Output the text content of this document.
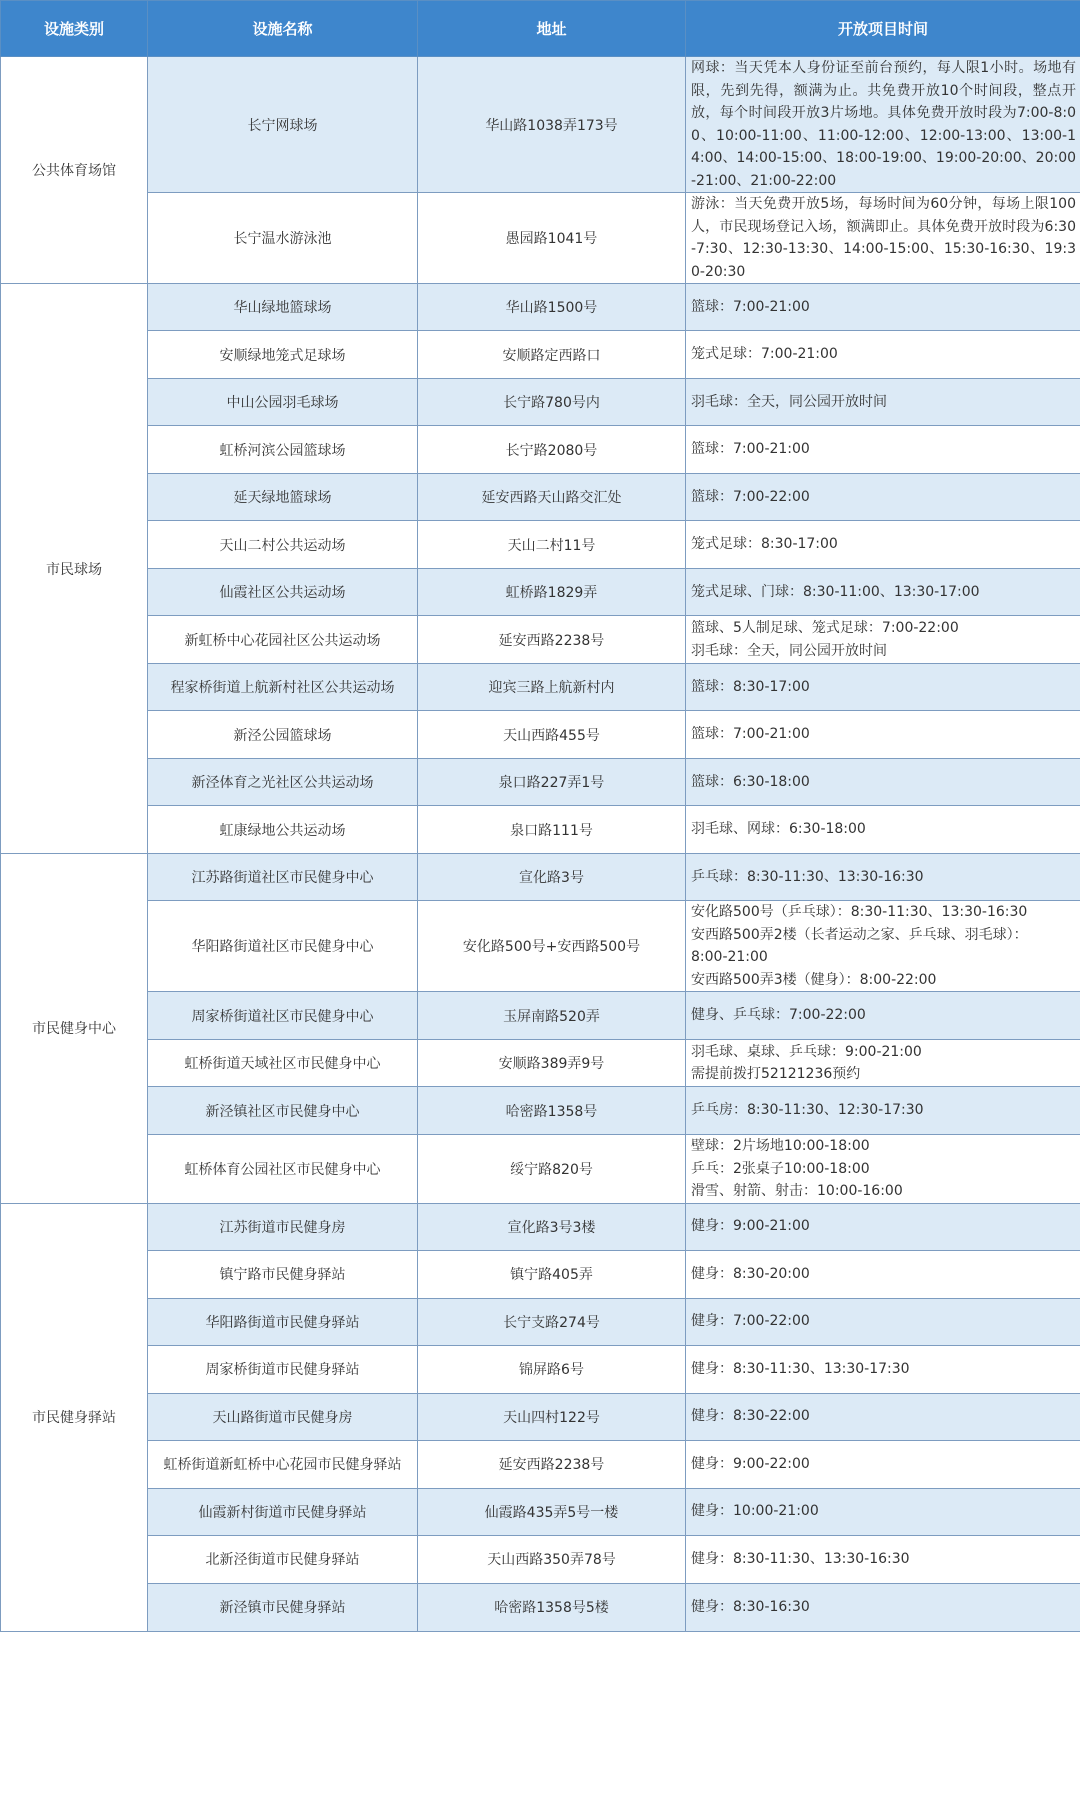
设施类别	设施名称	地址	开放项目时间
公共体育场馆	长宁网球场	华山路1038弄173号	网球：当天凭本人身份证至前台预约，每人限1小时。场地有限，先到先得，额满为止。共免费开放10个时间段，整点开放，每个时间段开放3片场地。具体免费开放时段为7:00-8:00、10:00-11:00、11:00-12:00、12:00-13:00、13:00-14:00、14:00-15:00、18:00-19:00、19:00-20:00、20:00-21:00、21:00-22:00

	长宁温水游泳池	愚园路1041号	游泳：当天免费开放5场，每场时间为60分钟，每场上限100人，市民现场登记入场，额满即止。具体免费开放时段为6:30-7:30、12:30-13:30、14:00-15:00、15:30-16:30、19:30-20:30

市民球场	华山绿地篮球场	华山路1500号	篮球：7:00-21:00

	安顺绿地笼式足球场	安顺路定西路口	笼式足球：7:00-21:00

	中山公园羽毛球场	长宁路780号内	羽毛球：全天，同公园开放时间

	虹桥河滨公园篮球场	长宁路2080号	篮球：7:00-21:00

	延天绿地篮球场	延安西路天山路交汇处	篮球：7:00-22:00

	天山二村公共运动场	天山二村11号	笼式足球：8:30-17:00

	仙霞社区公共运动场	虹桥路1829弄	笼式足球、门球：8:30-11:00、13:30-17:00

	新虹桥中心花园社区公共运动场	延安西路2238号	篮球、5人制足球、笼式足球：7:00-22:00
羽毛球：全天，同公园开放时间

	程家桥街道上航新村社区公共运动场	迎宾三路上航新村内	篮球：8:30-17:00

	新泾公园篮球场	天山西路455号	篮球：7:00-21:00

	新泾体育之光社区公共运动场	泉口路227弄1号	篮球：6:30-18:00

	虹康绿地公共运动场	泉口路111号	羽毛球、网球：6:30-18:00

市民健身中心	江苏路街道社区市民健身中心	宣化路3号	乒乓球：8:30-11:30、13:30-16:30

	华阳路街道社区市民健身中心	安化路500号+安西路500号	安化路500号（乒乓球）：8:30-11:30、13:30-16:30
安西路500弄2楼（长者运动之家、乒乓球、羽毛球）：
8:00-21:00
安西路500弄3楼（健身）：8:00-22:00

	周家桥街道社区市民健身中心	玉屏南路520弄	健身、乒乓球：7:00-22:00

	虹桥街道天域社区市民健身中心	安顺路389弄9号	羽毛球、桌球、乒乓球：9:00-21:00
需提前拨打52121236预约

	新泾镇社区市民健身中心	哈密路1358号	乒乓房：8:30-11:30、12:30-17:30

	虹桥体育公园社区市民健身中心	绥宁路820号	壁球：2片场地10:00-18:00
乒乓：2张桌子10:00-18:00
滑雪、射箭、射击：10:00-16:00

市民健身驿站	江苏街道市民健身房	宣化路3号3楼	健身：9:00-21:00

	镇宁路市民健身驿站	镇宁路405弄	健身：8:30-20:00

	华阳路街道市民健身驿站	长宁支路274号	健身：7:00-22:00

	周家桥街道市民健身驿站	锦屏路6号	健身：8:30-11:30、13:30-17:30

	天山路街道市民健身房	天山四村122号	健身：8:30-22:00

	虹桥街道新虹桥中心花园市民健身驿站	延安西路2238号	健身：9:00-22:00

	仙霞新村街道市民健身驿站	仙霞路435弄5号一楼	健身：10:00-21:00

	北新泾街道市民健身驿站	天山西路350弄78号	健身：8:30-11:30、13:30-16:30

	新泾镇市民健身驿站	哈密路1358号5楼	健身：8:30-16:30
